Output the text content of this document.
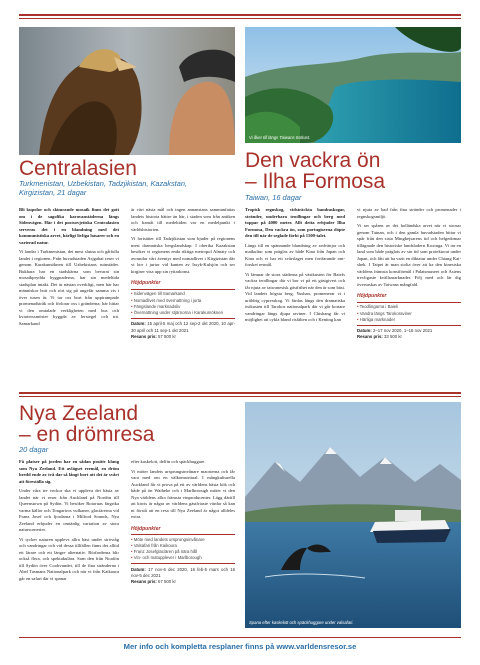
Centralasien
Turkmenistan, Uzbekistan, Tadzjikistan, Kazakstan, Kirgizistan, 21 dagar

Bli kupolor och skimrande mosaik finns det gott om i de sagolika karavanstäderna längs Sidenvägen. Här i det postsovjetiska Centralasien serveras det i en blandning med det kommunistiska arvet, härligt livliga basarer och en varierad natur.

Vi landar i Turkmenistan, det mest slutna och gåtfulla landet i regionen. Från huvudstaden Asjgabat reser vi genom Karakumöknen till Uzbekistans ruinstäder. Bukhara har en stadskärna som bevarat sin mosaikprydda byggnaderna, har sin medeltida stadsplan intakt. Det är nästan overkligt, men här har människor bott och rört sig på ungefär samma vis i över tusen år. Vi tar oss bort från upptrampade promenadstråk och förlorar oss i gränderna; här hittar vi den omtalade verkligheten med hus och kvarterssmöster byggda av lerstegel och trä. Samarkand

är värt nästa mål och ingen annanstans sammanfattas landets historia bättre än här, i staden som från antiken och framåt till medeltiden var en medelpunkt i världshistorien.

Vi fortsätter till Tadzjikistan som bjuder på regionens mest dramatiska bergslandskap. I oberika Kazakstan besöker vi regionens enda riktiga metropol Almaty och avrundar vårt äventyr med nomadlivet i Kirgizistan där vi bor i jurtor vid kanten av Issyk-Kulsjön och ser kirgiser visa upp sin ryttarkonst.

Höjdpunkter
• Sidenvägen till Samarkand
• Nomadlivet med övernattning i jurta
• Fängslande marknadsliv
• Övernattning under stjärnorna i Karakumöknen
Datum: 15 april-5 maj och 12 sep-2 okt 2020, 10 apr-30 april och 11 sep-1 okt 2021
Resans pris: 57 500 kr
Vi åker till längs Taiwans östkust.
Den vackra ön
– Ilha Formosa
Taiwan, 16 dagar

Tropisk regnskog, vidsträckta bambuskogar, stränder, underbara teodlingar och berg med toppar på 4000 meter. Allt detta erbjuder Ilha Formosa, Den vackra ön, som portugiserna döpte den till när de seglade förbi på 1500-talet.

Längs till en spännande blandning av sedvänjor och matkultur som präglas av både Kina från Japan och Kina och vi har ett svårslaget men fortfarande ont-forsket resmål.

Vi lämnar de stora städerna på västkusten för Baiefs vackra teodlingar där vi bor vi på ett gästgiveri och får njuta av taiwanesisk gästfrihet när den är som bäst. Vid landets högsta berg, Yushan, promenerar vi i uråldrig cypresskog. Vi färdas längs den dramatiska östkusten till Tarokos nationalpark där vi går kortare vandringar längs djupa raviner. I Chishang får vi möjlighet att cykla bland risfälten och i Kenting kan

vi njuta av bad från fina stränder och promenader i regnskogsmiljö.

Vi ser spåren av det holländska arvet när vi strosar genom Tainan, och i den gamla huvudstaden hittar vi spår från den sista Mingkejsarens tid och helgedomar tillägnade den historiske landsfadern Koxinga. Vi tar en land som både präglats av sin tid som protektorat under Japan, och fått att ha varit en diktatur under Chiang Kai-shek. I Taipei är man stolta över att ha den kinesiska världens främsta konstförmål i Palatsmuseet och Asiens trevligaste kvällsmarknader. Följ med och lär dig översaskas av Taiwans mångfald.

Höjdpunkter
• Teodlingarna i Baieli
• Vandra längs Tarokoraviner
• Härliga marknader
Datum: 2–17 nov 2020, 1–16 nov 2021
Resans pris: 33 500 kr
Nya Zeeland
– en drömresa
20 dagar

Få platser på jorden har en sådan positiv klang som Nya Zeeland. Ett avlägset reemål, en dröm bredd ende av två dar så långt bort att det är svårt att föreställa sig.

Under våra tre veckor ska vi uppleva det bästa av landet när vi reser från Auckland på Nordön till Queenstown på Sydön. Vi besöker Rotoruas färgrika varma källor och Tongariros vulkaner, glaciärerna vid Franz Josef och fjordarna i Milford Sounds, Nya Zeeland erbjuder en omtänlig variation av stora naturscenerier.

Vi tycker naturen upplevs allra bäst under strövtåg och vandringar och vid dessa tillfällen finns det alltid ett lärare och ett längre alternativ. Rörfarderna blir också flera, och spektakulära. Som den från Nordön till Sydön över Cookvundet, till de fina stränderna i Abel Tasmans Nationalpark och när vi från Kaikoura går en safari där vi spanar

efter kaskelott, delfin och späckhuggare.

Vi möter landets ursprungsinvånare maorierna och får vara med om en välkomstritual. I mångkulturella Auckland får vi prova på ett av världens bästa kök och både på ön Waiheke och i Marlborough möter vi den Nya världens allra främsta vinproducenter. Lägg därtill att kiwis är några av världens gästfriaste värdar så kan ni förstå att en resa till Nya Zeeland är något alldeles extra.

Höjdpunkter
• Möte med landets ursprungsinvånare
• Valsafari från Kaikoura
• Franz Josefglaciären på nära håll
• Vin- och matupplever i Marlborough
Datum: 17 nov-6 dec 2020, 16 feb-5 mars och 16 nov-5 dec 2021
Resans pris: 67 500 kr
Spana efter kaskelott och späckhuggare under valsafari.
Mer info och kompletta resplaner finns på www.varldensresor.se
